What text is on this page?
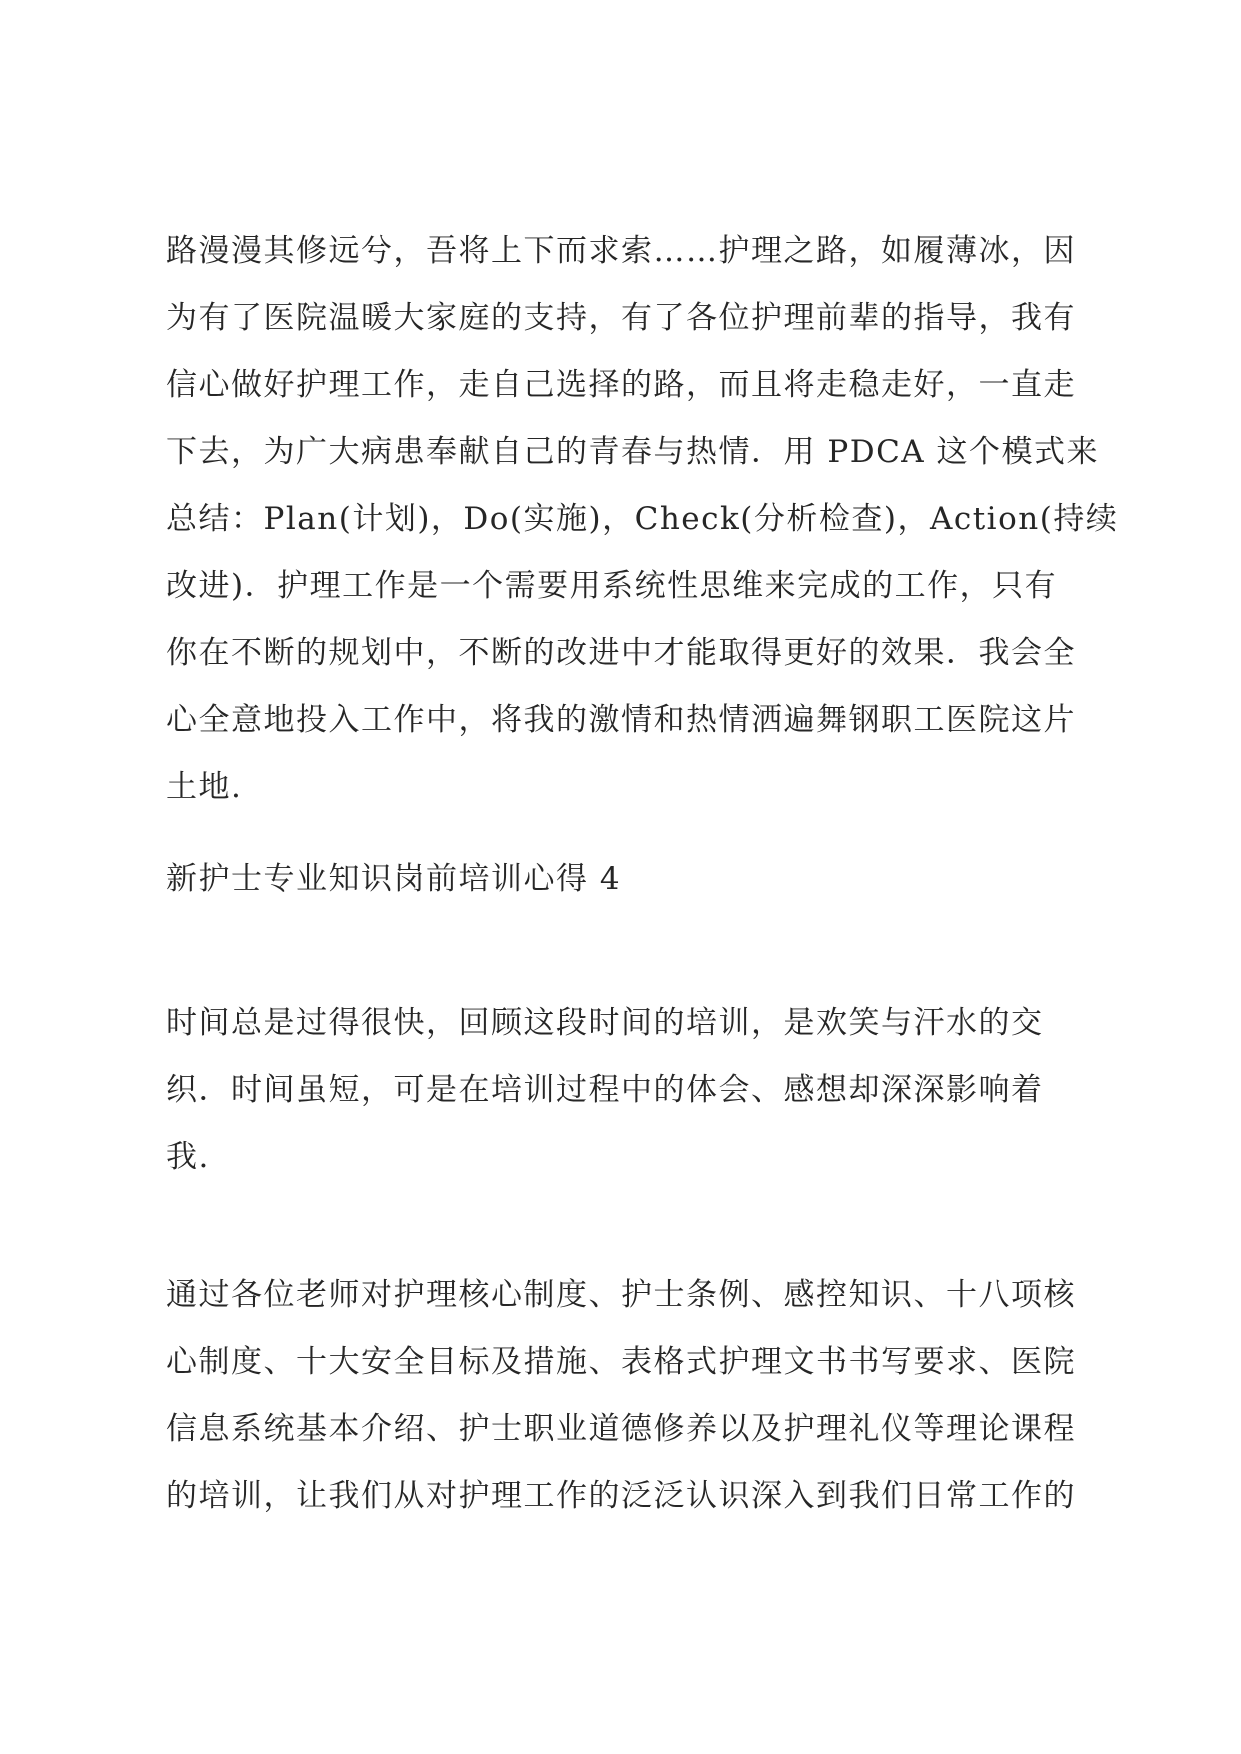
路漫漫其修远兮，吾将上下而求索……护理之路，如履薄冰，因
为有了医院温暖大家庭的支持，有了各位护理前辈的指导，我有
信心做好护理工作，走自己选择的路，而且将走稳走好，一直走
下去，为广大病患奉献自己的青春与热情．用 PDCA 这个模式来
总结：Plan(计划)，Do(实施)，Check(分析检查)，Action(持续
改进)．护理工作是一个需要用系统性思维来完成的工作，只有
你在不断的规划中，不断的改进中才能取得更好的效果．我会全
心全意地投入工作中，将我的激情和热情洒遍舞钢职工医院这片
土地.
新护士专业知识岗前培训心得 4
时间总是过得很快，回顾这段时间的培训，是欢笑与汗水的交
织．时间虽短，可是在培训过程中的体会、感想却深深影响着
我.
通过各位老师对护理核心制度、护士条例、感控知识、十八项核
心制度、十大安全目标及措施、表格式护理文书书写要求、医院
信息系统基本介绍、护士职业道德修养以及护理礼仪等理论课程
的培训，让我们从对护理工作的泛泛认识深入到我们日常工作的
